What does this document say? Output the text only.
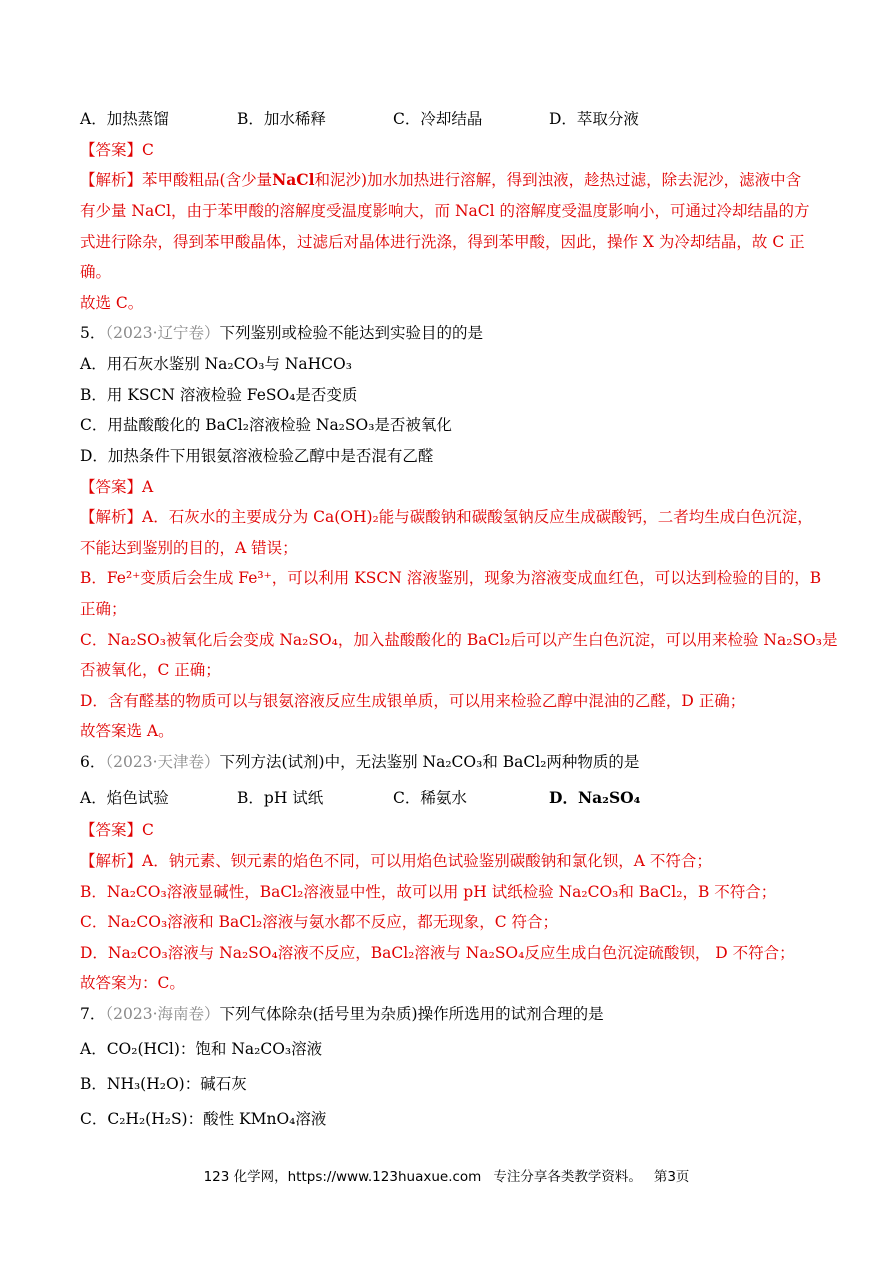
A．加热蒸馏	B．加水稀释	C．冷却结晶	D．萃取分液
【答案】C
【解析】苯甲酸粗品(含少量NaCl和泥沙)加水加热进行溶解，得到浊液，趁热过滤，除去泥沙，滤液中含
有少量 NaCl，由于苯甲酸的溶解度受温度影响大，而 NaCl 的溶解度受温度影响小，可通过冷却结晶的方
式进行除杂，得到苯甲酸晶体，过滤后对晶体进行洗涤，得到苯甲酸，因此，操作 X 为冷却结晶，故 C 正
确。
故选 C。
5．（2023·辽宁卷）下列鉴别或检验不能达到实验目的的是
A．用石灰水鉴别 Na₂CO₃与 NaHCO₃
B．用 KSCN 溶液检验 FeSO₄是否变质
C．用盐酸酸化的 BaCl₂溶液检验 Na₂SO₃是否被氧化
D．加热条件下用银氨溶液检验乙醇中是否混有乙醛
【答案】A
【解析】A．石灰水的主要成分为 Ca(OH)₂能与碳酸钠和碳酸氢钠反应生成碳酸钙，二者均生成白色沉淀，
不能达到鉴别的目的，A 错误；
B．Fe²⁺变质后会生成 Fe³⁺，可以利用 KSCN 溶液鉴别，现象为溶液变成血红色，可以达到检验的目的，B
正确；
C．Na₂SO₃被氧化后会变成 Na₂SO₄，加入盐酸酸化的 BaCl₂后可以产生白色沉淀，可以用来检验 Na₂SO₃是
否被氧化，C 正确；
D．含有醛基的物质可以与银氨溶液反应生成银单质，可以用来检验乙醇中混油的乙醛，D 正确；
故答案选 A。
6．（2023·天津卷）下列方法(试剂)中，无法鉴别 Na₂CO₃和 BaCl₂两种物质的是
A．焰色试验	B．pH 试纸	C．稀氨水	D．Na₂SO₄
【答案】C
【解析】A．钠元素、钡元素的焰色不同，可以用焰色试验鉴别碳酸钠和氯化钡，A 不符合；
B．Na₂CO₃溶液显碱性，BaCl₂溶液显中性，故可以用 pH 试纸检验 Na₂CO₃和 BaCl₂，B 不符合；
C．Na₂CO₃溶液和 BaCl₂溶液与氨水都不反应，都无现象，C 符合；
D．Na₂CO₃溶液与 Na₂SO₄溶液不反应，BaCl₂溶液与 Na₂SO₄反应生成白色沉淀硫酸钡， D 不符合；
故答案为：C。
7．（2023·海南卷）下列气体除杂(括号里为杂质)操作所选用的试剂合理的是
A．CO₂(HCl)：饱和 Na₂CO₃溶液
B．NH₃(H₂O)：碱石灰
C．C₂H₂(H₂S)：酸性 KMnO₄溶液
123 化学网，https://www.123huaxue.com 专注分享各类教学资料。 第3页
